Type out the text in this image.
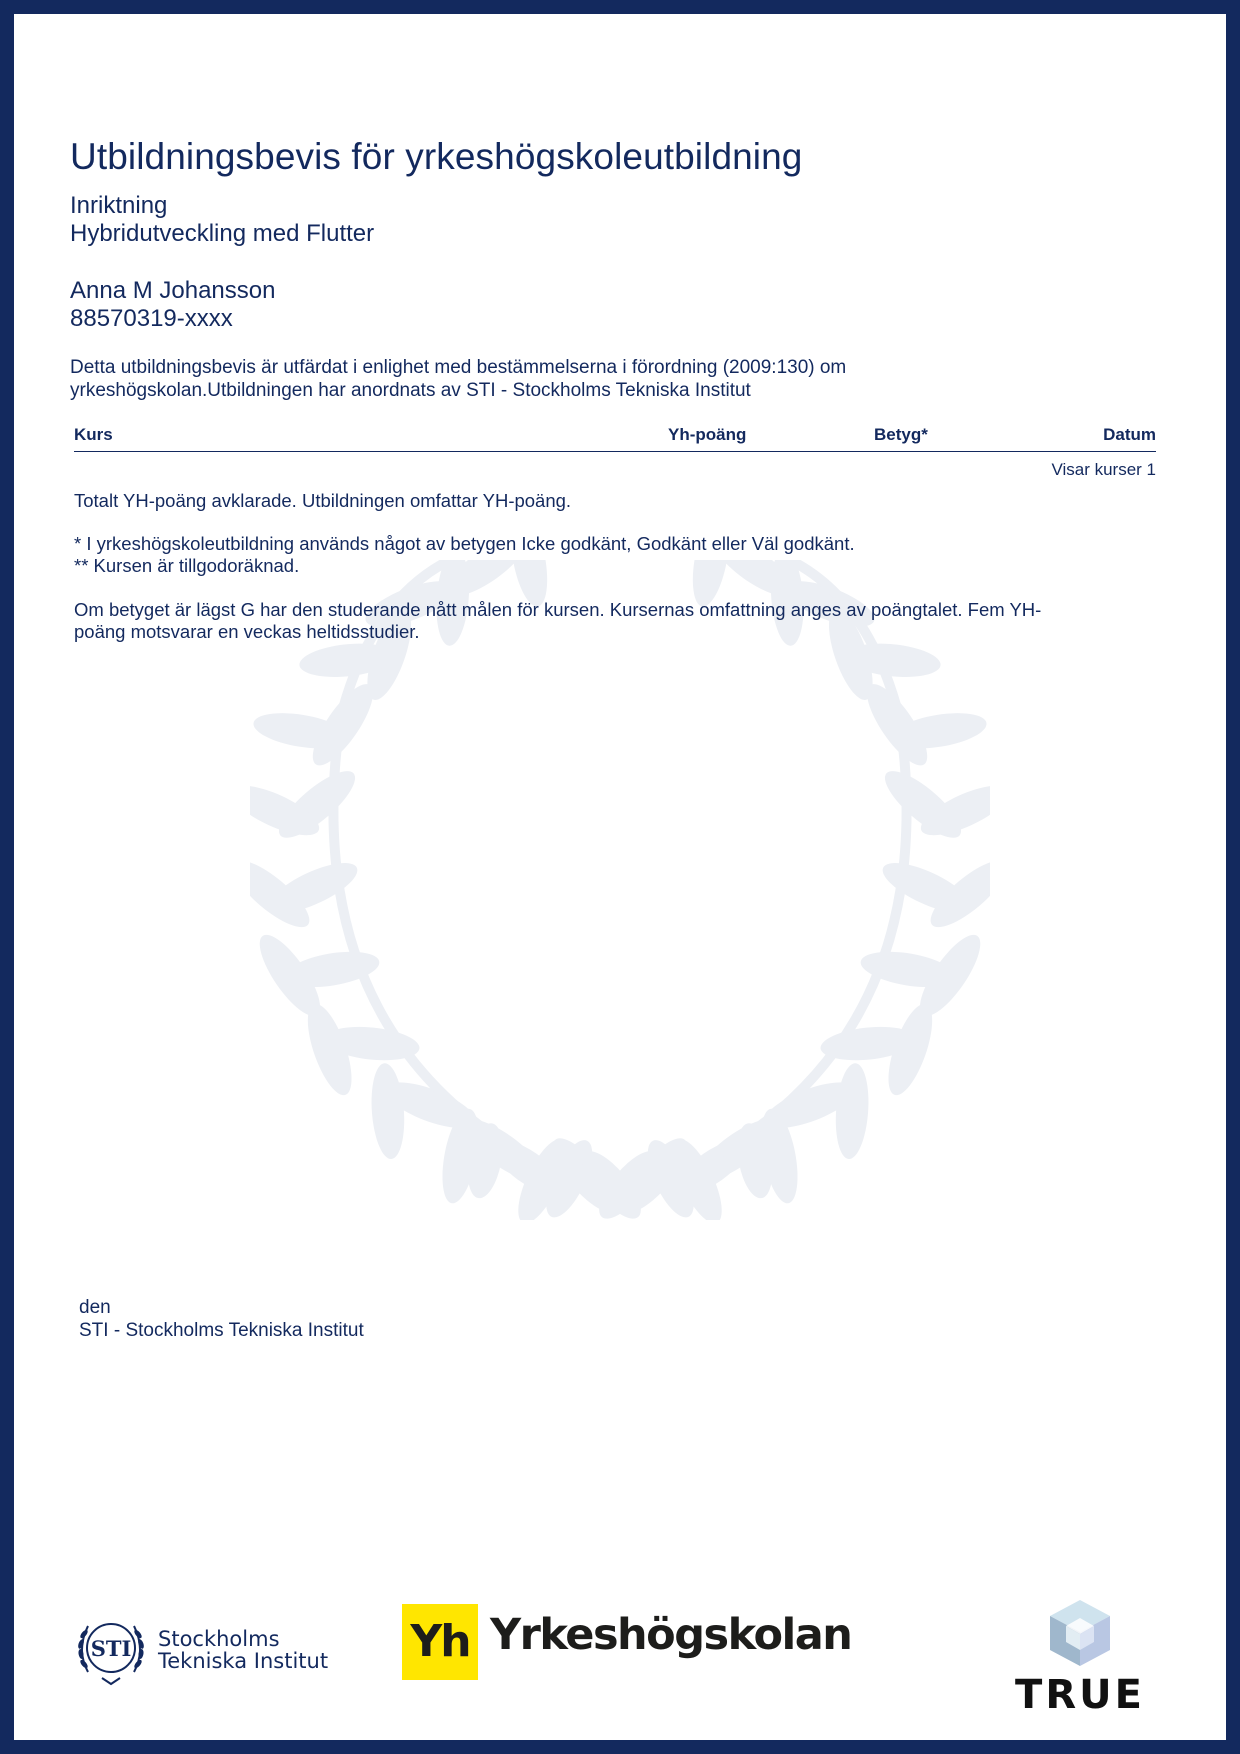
Utbildningsbevis för yrkeshögskoleutbildning
Inriktning
Hybridutveckling med Flutter
Anna M Johansson
88570319-xxxx
Detta utbildningsbevis är utfärdat i enlighet med bestämmelserna i förordning (2009:130) om
yrkeshögskolan.Utbildningen har anordnats av STI - Stockholms Tekniska Institut
Kurs	Yh-poäng	Betyg*	Datum
Visar kurser 1
Totalt YH-poäng avklarade. Utbildningen omfattar YH-poäng.
* I yrkeshögskoleutbildning används något av betygen Icke godkänt, Godkänt eller Väl godkänt.
** Kursen är tillgodoräknad.
Om betyget är lägst G har den studerande nått målen för kursen. Kursernas omfattning anges av poängtalet. Fem YH-
poäng motsvarar en veckas heltidsstudier.
den
STI - Stockholms Tekniska Institut
STI Stockholms
Tekniska Institut	Yh Yrkeshögskolan
TRUE
